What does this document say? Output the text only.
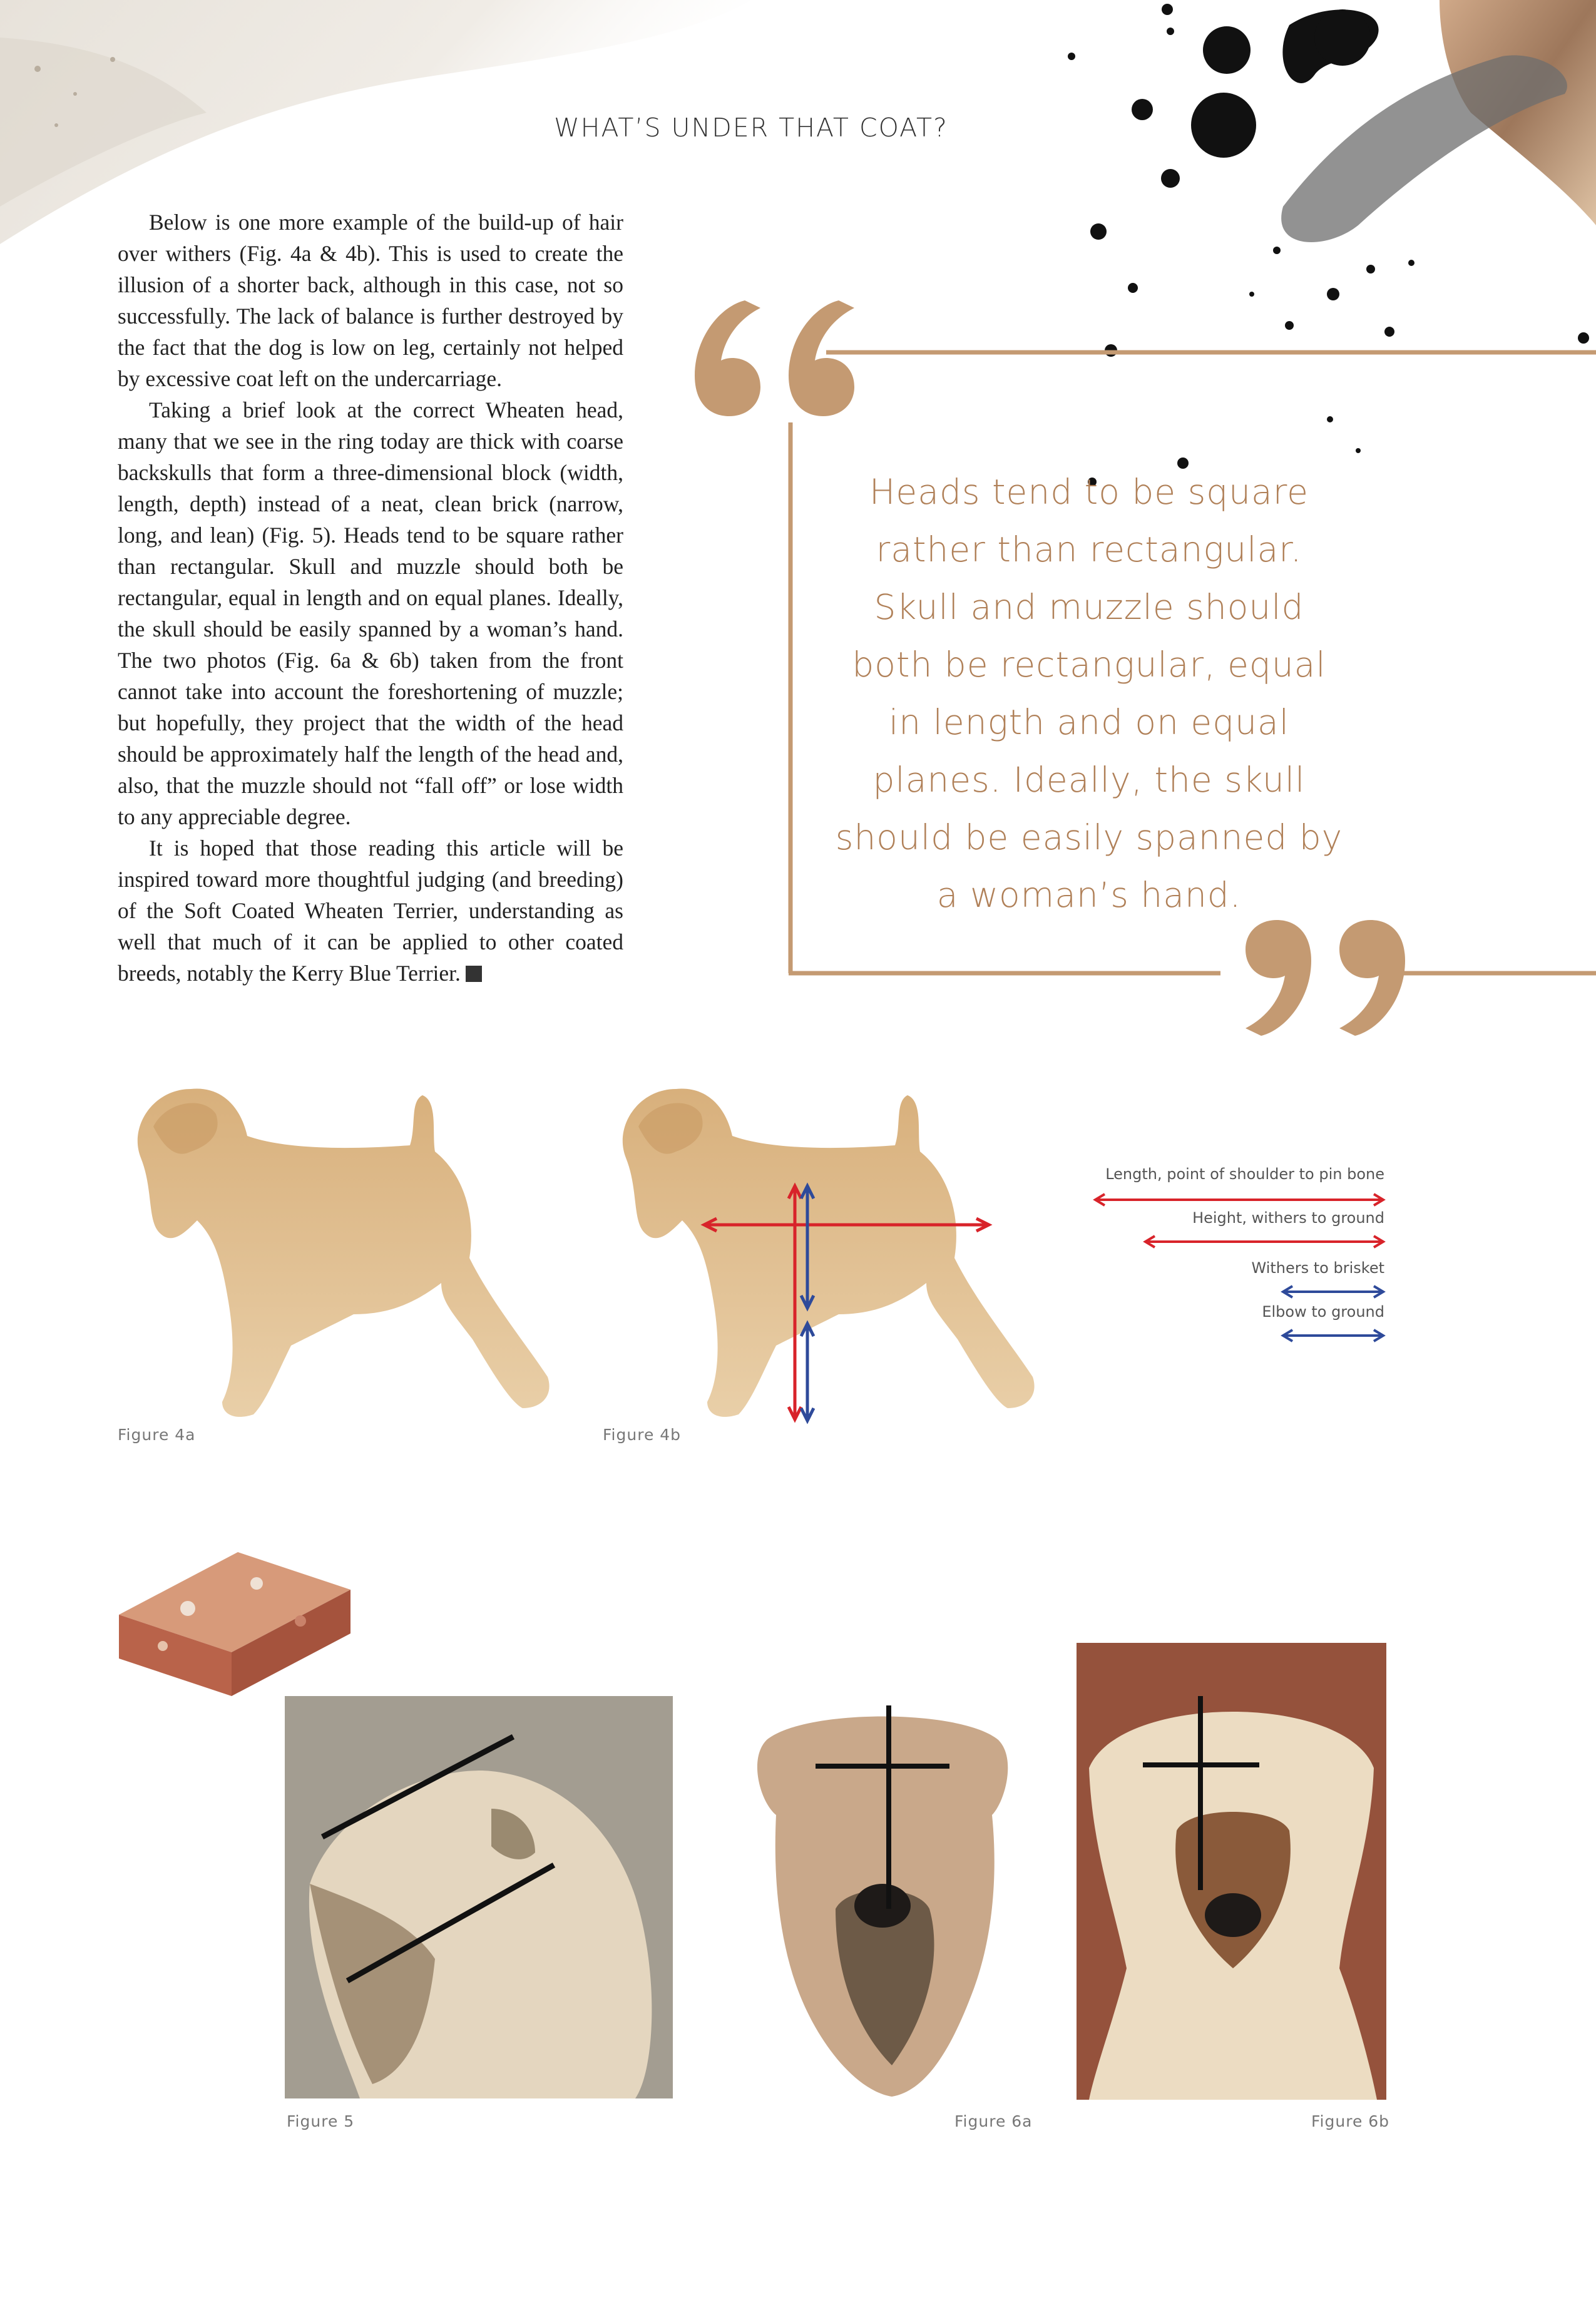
WHAT’S UNDER THAT COAT?

Below is one more example of the build-up of hair over withers (Fig. 4a & 4b). This is used to create the illusion of a shorter back, although in this case, not so successfully. The lack of balance is further destroyed by the fact that the dog is low on leg, certainly not helped by excessive coat left on the undercarriage.

Taking a brief look at the correct Wheaten head, many that we see in the ring today are thick with coarse backskulls that form a three-dimensional block (width, length, depth) instead of a neat, clean brick (narrow, long, and lean) (Fig. 5). Heads tend to be square rather than rectangular. Skull and muzzle should both be rectangular, equal in length and on equal planes. Ideally, the skull should be easily spanned by a woman’s hand. The two photos (Fig. 6a & 6b) taken from the front cannot take into account the foreshortening of muzzle; but hopefully, they project that the width of the head should be approximately half the length of the head and, also, that the muzzle should not “fall off” or lose width to any appreciable degree.

It is hoped that those reading this article will be inspired toward more thoughtful judging (and breeding) of the Soft Coated Wheaten Terrier, understanding as well that much of it can be applied to other coated breeds, notably the Kerry Blue Terrier.

Heads tend to be square rather than rectangular. Skull and muzzle should both be rectangular, equal in length and on equal planes. Ideally, the skull should be easily spanned by a woman’s hand.
Length, point of shoulder to pin bone
Height, withers to ground
Withers to brisket
Elbow to ground
Figure 4a	Figure 4b
Figure 5	Figure 6a	Figure 6b
